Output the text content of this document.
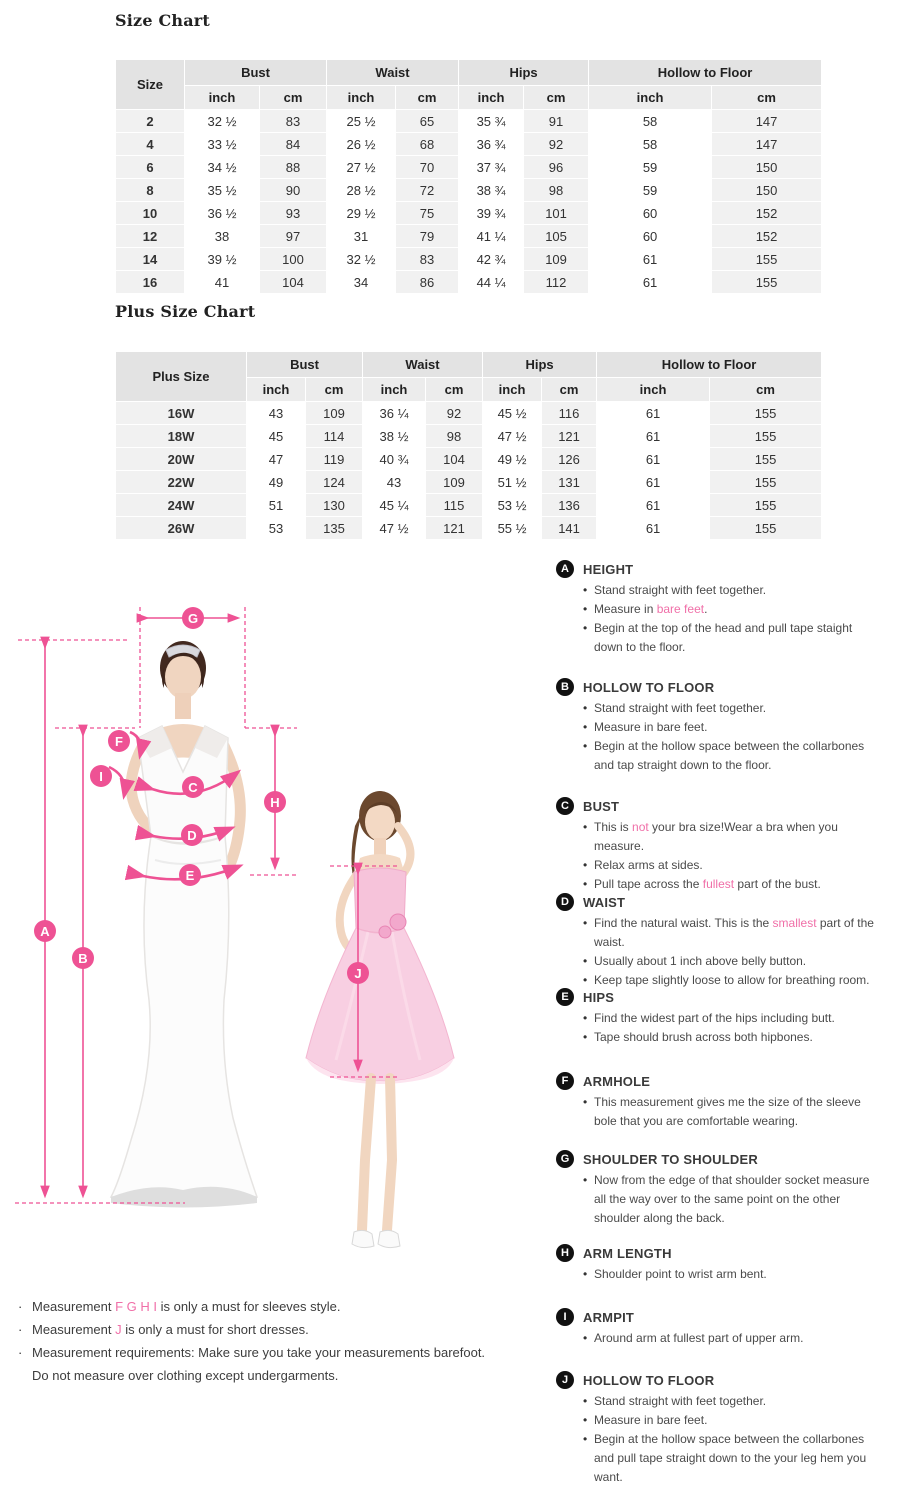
Size Chart
Size	Bust		Waist		Hips		Hollow to Floor	
	inch	cm	inch	cm	inch	cm	inch	cm
2	32 ½	83	25 ½	65	35 ¾	91	58	147
4	33 ½	84	26 ½	68	36 ¾	92	58	147
6	34 ½	88	27 ½	70	37 ¾	96	59	150
8	35 ½	90	28 ½	72	38 ¾	98	59	150
10	36 ½	93	29 ½	75	39 ¾	101	60	152
12	38	97	31	79	41 ¼	105	60	152
14	39 ½	100	32 ½	83	42 ¾	109	61	155
16	41	104	34	86	44 ¼	112	61	155
Plus Size Chart
Plus Size	Bust		Waist		Hips		Hollow to Floor	
	inch	cm	inch	cm	inch	cm	inch	cm
16W	43	109	36 ¼	92	45 ½	116	61	155
18W	45	114	38 ½	98	47 ½	121	61	155
20W	47	119	40 ¾	104	49 ½	126	61	155
22W	49	124	43	109	51 ½	131	61	155
24W	51	130	45 ¼	115	53 ½	136	61	155
26W	53	135	47 ½	121	55 ½	141	61	155
A
B
C
D
E
F
G
H
I
J
A	HEIGHT
• Stand straight with feet together.
• Measure in bare feet.
• Begin at the top of the head and pull tape staight down to the floor.
B	HOLLOW TO FLOOR
• Stand straight with feet together.
• Measure in bare feet.
• Begin at the hollow space between the collarbones and tap straight down to the floor.
C	BUST
• This is not your bra size!Wear a bra when you measure.
• Relax arms at sides.
• Pull tape across the fullest part of the bust.
D	WAIST
• Find the natural waist. This is the smallest part of the waist.
• Usually about 1 inch above belly button.
• Keep tape slightly loose to allow for breathing room.
E	HIPS
• Find the widest part of the hips including butt.
• Tape should brush across both hipbones.
F	ARMHOLE
• This measurement gives me the size of the sleeve bole that you are comfortable wearing.
G	SHOULDER TO SHOULDER
• Now from the edge of that shoulder socket measure all the way over to the same point on the other shoulder along the back.
H	ARM LENGTH
• Shoulder point to wrist arm bent.
I	ARMPIT
• Around arm at fullest part of upper arm.
J	HOLLOW TO FLOOR
• Stand straight with feet together.
• Measure in bare feet.
• Begin at the hollow space between the collarbones and pull tape straight down to the your leg hem you want.
· Measurement F G H I is only a must for sleeves style.
· Measurement J is only a must for short dresses.
· Measurement requirements: Make sure you take your measurements barefoot.
Do not measure over clothing except undergarments.
